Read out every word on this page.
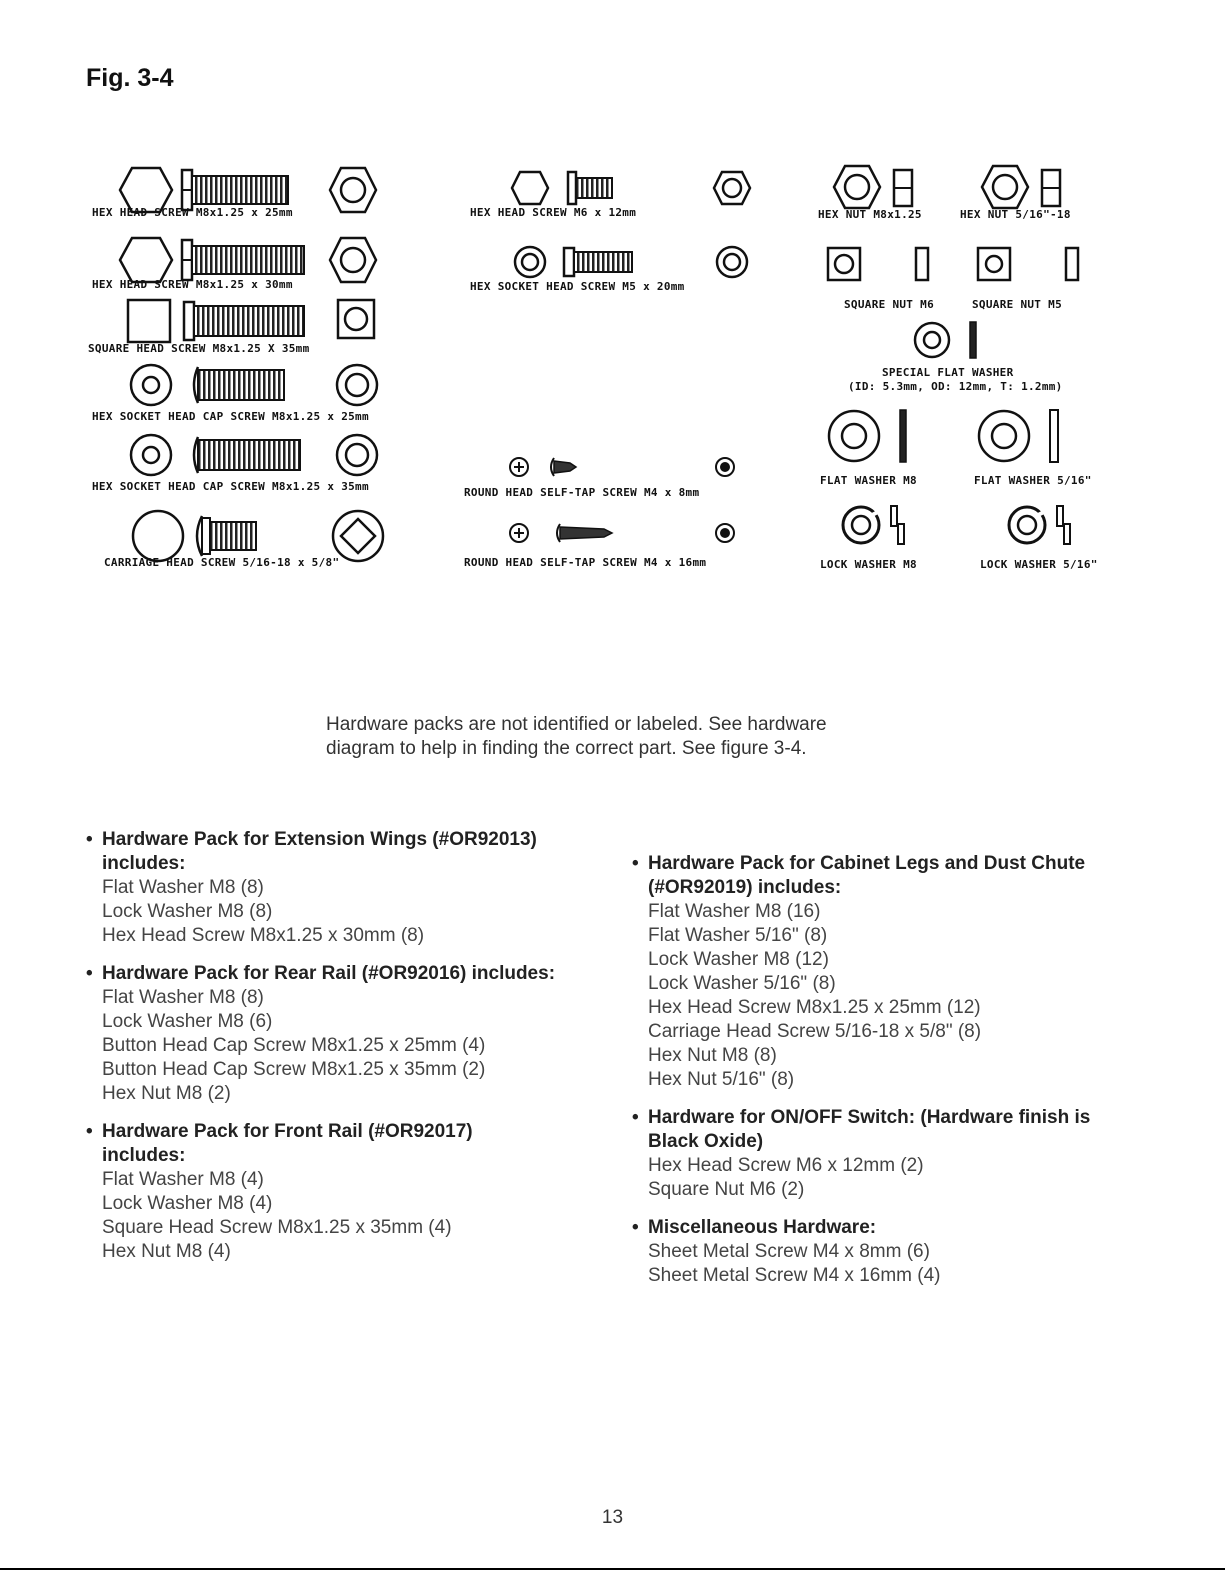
Fig. 3-4
HEX HEAD SCREW M8x1.25 x 25mm
HEX HEAD SCREW M8x1.25 x 30mm
SQUARE HEAD SCREW M8x1.25 X 35mm
HEX SOCKET HEAD CAP SCREW M8x1.25 x 25mm
HEX SOCKET HEAD CAP SCREW M8x1.25 x 35mm
CARRIAGE HEAD SCREW 5/16-18 x 5/8"
HEX HEAD SCREW M6 x 12mm
HEX SOCKET HEAD SCREW M5 x 20mm
ROUND HEAD SELF-TAP SCREW M4 x 8mm
ROUND HEAD SELF-TAP SCREW M4 x 16mm
HEX NUT M8x1.25	HEX NUT 5/16"-18
SQUARE NUT M6	SQUARE NUT M5
SPECIAL FLAT WASHER
(ID: 5.3mm, OD: 12mm, T: 1.2mm)
FLAT WASHER M8	FLAT WASHER 5/16"
LOCK WASHER M8	LOCK WASHER 5/16"
Hardware packs are not identified or labeled. See hardware
diagram to help in finding the correct part. See figure 3-4.
• Hardware Pack for Extension Wings (#OR92013)
includes:
Flat Washer M8 (8)
Lock Washer M8 (8)
Hex Head Screw M8x1.25 x 30mm (8)
• Hardware Pack for Rear Rail (#OR92016) includes:
Flat Washer M8 (8)
Lock Washer M8 (6)
Button Head Cap Screw M8x1.25 x 25mm (4)
Button Head Cap Screw M8x1.25 x 35mm (2)
Hex Nut M8 (2)
• Hardware Pack for Front Rail (#OR92017)
includes:
Flat Washer M8 (4)
Lock Washer M8 (4)
Square Head Screw M8x1.25 x 35mm (4)
Hex Nut M8 (4)
• Hardware Pack for Cabinet Legs and Dust Chute
(#OR92019) includes:
Flat Washer M8 (16)
Flat Washer 5/16" (8)
Lock Washer M8 (12)
Lock Washer 5/16" (8)
Hex Head Screw M8x1.25 x 25mm (12)
Carriage Head Screw 5/16-18 x 5/8" (8)
Hex Nut M8 (8)
Hex Nut 5/16" (8)
• Hardware for ON/OFF Switch: (Hardware finish is
Black Oxide)
Hex Head Screw M6 x 12mm (2)
Square Nut M6 (2)
• Miscellaneous Hardware:
Sheet Metal Screw M4 x 8mm (6)
Sheet Metal Screw M4 x 16mm (4)
13
